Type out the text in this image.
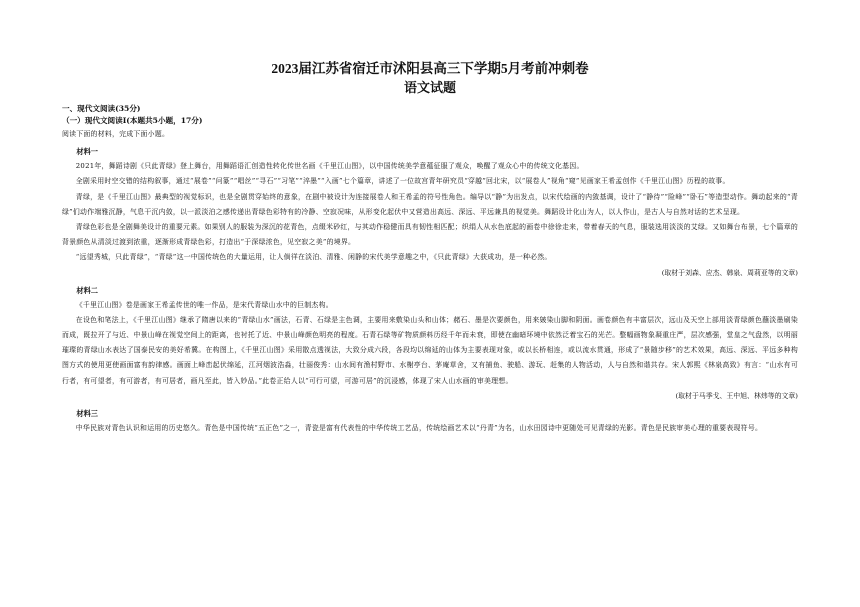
2023届江苏省宿迁市沭阳县高三下学期5月考前冲刺卷
语文试题

一、现代文阅读(35分)

（一）现代文阅读I(本题共5小题，17分)

阅读下面的材料，完成下面小题。

材料一

2021年，舞蹈诗剧《只此青绿》登上舞台，用舞蹈语汇创造性转化传世名画《千里江山图》，以中国传统美学意蕴征服了观众，唤醒了观众心中的传统文化基因。

全剧采用时空交错的结构叙事，通过“展卷”“问篆”“唱丝”“寻石”“习笔”“淬墨”“入画”七个篇章，讲述了一位故宫青年研究员“穿越”回北宋，以“展卷人”视角“窥”见画家王希孟创作《千里江山图》历程的故事。

青绿，是《千里江山图》最典型的视觉标识，也是全剧贯穿始终的意象，在剧中被设计为连接展卷人和王希孟的符号性角色。编导以“静”为出发点，以宋代绘画的内敛基调，设计了“静待”“险峰”“卧石”等造型动作。舞动起来的“青绿”们动作端雅沉静，气息干沉内敛，以一派淡泊之感传递出青绿色彩特有的冷静、空寂况味，从形变化起伏中又营造出高远、深远、平远兼具的视觉美。舞蹈设计化山为人，以人作山，是古人与自然对话的艺术呈现。

青绿色彩也是全剧舞美设计的重要元素。如果别人的服装为深沉的花青色，点缀米砂红，与其动作稳健而具有韧性相匹配；织绢人从水色底起的画卷中徐徐走来，带着春天的气息，服装选用淡淡的艾绿。又如舞台布景，七个篇章的背景颜色从清淡过渡到浓重，逐渐形成青绿色彩，打造出“于深绿浓色，见空寂之美”的境界。

“远望秀城，只此青绿”，“青绿”这一中国传统色的大量运用，让人倘徉在淡泊、清雅、闲静的宋代美学意趣之中，《只此青绿》大获成功，是一种必然。

(取材于刘森、应杰、韩泉、周莉亚等的文章)

材料二

《千里江山图》卷是画家王希孟传世的唯一作品，是宋代青绿山水中的巨制杰构。

在设色和笔法上，《千里江山图》继承了隋唐以来的“青绿山水”画法，石青、石绿是主色调，主要用来敷染山头和山体；赭石、墨是次要颜色，用来皴染山脚和阴面。画卷颜色有丰富层次，远山及天空上部用淡青绿颜色蘸淡墨刷染而成，既拉开了与近、中景山峰在视觉空间上的距离，也衬托了近、中景山峰颜色明亮的程度。石青石绿等矿物质颜料历经千年而未衰，即使在幽暗环境中依然泛着宝石的光芒。整幅画物象凝重庄严，层次感强，堂皇之气盘然，以明丽璀璨的青绿山水表达了国泰民安的美好希冀。在构图上，《千里江山图》采用散点透视法，大致分成六段，各段均以绵延的山体为主要表现对象，或以长桥相连，或以流水贯通，形成了“景随步移”的艺术效果，高远、深远、平远多种构图方式的使用更使画面富有韵律感。画面上峰峦起伏绵延，江河烟波浩淼，壮丽俊秀：山水间有渔村野市、水榭亭台、茅庵草舍，又有捕鱼、驶船、游玩、赶集的人物活动，人与自然和谐共存。宋人郭熙《林泉高致》有言：“山水有可行者，有可望者，有可游者，有可居者，画凡至此，皆入妙品。”此卷正给人以“可行可望，可游可居”的沉浸感，体现了宋人山水画的审美理想。

(取材于马季戈、王中旭、林炜等的文章)

材料三

中华民族对青色认识和运用的历史悠久。青色是中国传统“五正色”之一，青瓷是富有代表性的中华传统工艺品，传统绘画艺术以“丹青”为名，山水田园诗中更随处可见青绿的光影。青色是民族审美心理的重要表现符号。
